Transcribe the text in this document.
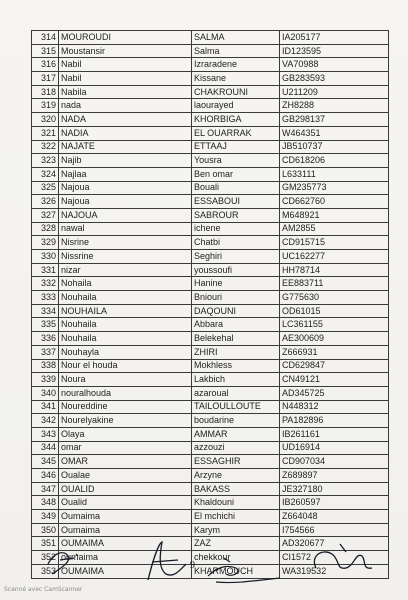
314	MOUROUDI	SALMA	IA205177
315	Moustansir	Salma	ID123595
316	Nabil	Izraradene	VA70988
317	Nabil	Kissane	GB283593
318	Nabila	CHAKROUNI	U211209
319	nada	laourayed	ZH8288
320	NADA	KHORBIGA	GB298137
321	NADIA	EL OUARRAK	W464351
322	NAJATE	ETTAAJ	JB510737
323	Najib	Yousra	CD618206
324	Najlaa	Ben omar	L633111
325	Najoua	Bouali	GM235773
326	Najoua	ESSABOUI	CD662760
327	NAJOUA	SABROUR	M648921
328	nawal	ichene	AM2855
329	Nisrine	Chatbi	CD915715
330	Nissrine	Seghiri	UC162277
331	nizar	youssoufi	HH78714
332	Nohaila	Hanine	EE883711
333	Nouhaila	Bniouri	G775630
334	NOUHAILA	DAQOUNI	OD61015
335	Nouhaila	Abbara	LC361155
336	Nouhaila	Belekehal	AE300609
337	Nouhayla	ZHIRI	Z666931
338	Nour el houda	Mokhless	CD629847
339	Noura	Lakbich	CN49121
340	nouralhouda	azaroual	AD345725
341	Noureddine	TAILOULLOUTE	N448312
342	Nourelyakine	boudarine	PA182896
343	Olaya	AMMAR	IB261161
344	omar	azzouzi	UD16914
345	OMAR	ESSAGHIR	CD907034
346	Oualae	Arzyne	Z689897
347	OUALID	BAKASS	JE327180
348	Oualid	Khaldouni	IB260597
349	Oumaima	El mchichi	Z664048
350	Oumaima	Karym	I754566
351	OUMAIMA	ZAZ	AD320677
352	oumaima	chekkour	CI1572
353	OUMAIMA	KHARMOUCH	WA319532
9
Scanné avec CamScanner
